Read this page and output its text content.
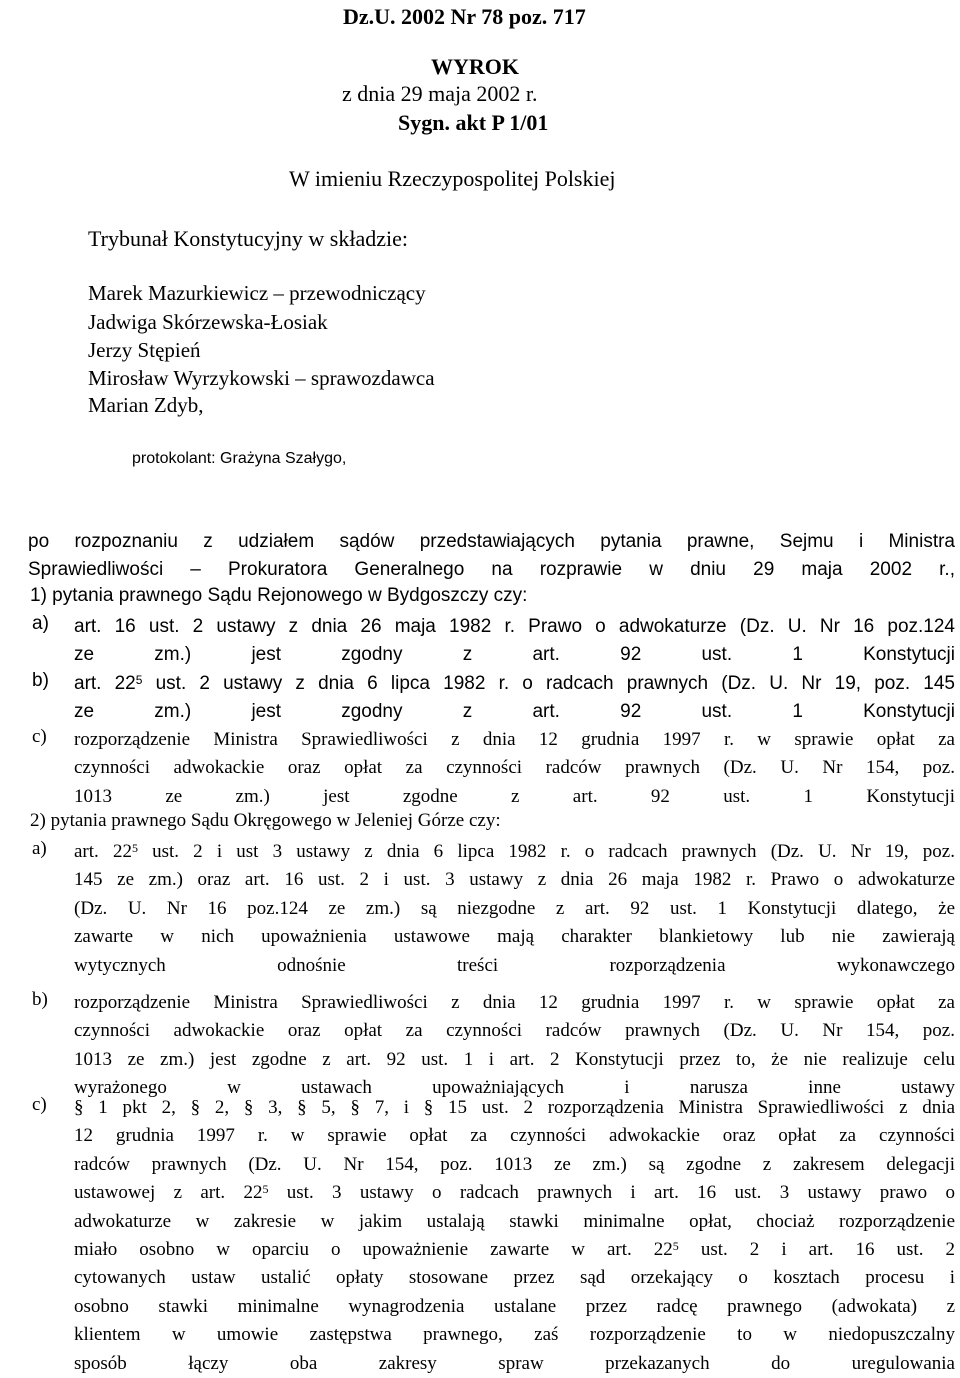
Dz.U. 2002 Nr 78 poz. 717
WYROK
z dnia 29 maja 2002 r.
Sygn. akt P 1/01
W imieniu Rzeczypospolitej Polskiej
Trybunał Konstytucyjny w składzie:
Marek Mazurkiewicz – przewodniczący
Jadwiga Skórzewska-Łosiak
Jerzy Stępień
Mirosław Wyrzykowski – sprawozdawca
Marian Zdyb,
protokolant: Grażyna Szałygo,
po rozpoznaniu z udziałem sądów przedstawiających pytania prawne, Sejmu i Ministra
Sprawiedliwości – Prokuratora Generalnego na rozprawie w dniu 29 maja 2002 r.,
1) pytania prawnego Sądu Rejonowego w Bydgoszczy czy:
a) art. 16 ust. 2 ustawy z dnia 26 maja 1982 r. Prawo o adwokaturze (Dz. U. Nr 16 poz.124
ze zm.) jest zgodny z art. 92 ust. 1 Konstytucji
b) art. $22^5$ ust. 2 ustawy z dnia 6 lipca 1982 r. o radcach prawnych (Dz. U. Nr 19, poz. 145
ze zm.) jest zgodny z art. 92 ust. 1 Konstytucji
c) rozporządzenie Ministra Sprawiedliwości z dnia 12 grudnia 1997 r. w sprawie opłat za
czynności adwokackie oraz opłat za czynności radców prawnych (Dz. U. Nr 154, poz.
1013 ze zm.) jest zgodne z art. 92 ust. 1 Konstytucji
2) pytania prawnego Sądu Okręgowego w Jeleniej Górze czy:
a) art. $22^5$ ust. 2 i ust 3 ustawy z dnia 6 lipca 1982 r. o radcach prawnych (Dz. U. Nr 19, poz.
145 ze zm.) oraz art. 16 ust. 2 i ust. 3 ustawy z dnia 26 maja 1982 r. Prawo o adwokaturze
(Dz. U. Nr 16 poz.124 ze zm.) są niezgodne z art. 92 ust. 1 Konstytucji dlatego, że
zawarte w nich upoważnienia ustawowe mają charakter blankietowy lub nie zawierają
wytycznych odnośnie treści rozporządzenia wykonawczego
b) rozporządzenie Ministra Sprawiedliwości z dnia 12 grudnia 1997 r. w sprawie opłat za
czynności adwokackie oraz opłat za czynności radców prawnych (Dz. U. Nr 154, poz.
1013 ze zm.) jest zgodne z art. 92 ust. 1 i art. 2 Konstytucji przez to, że nie realizuje celu
wyrażonego w ustawach upoważniających i narusza inne ustawy
c) § 1 pkt 2, § 2, § 3, § 5, § 7, i § 15 ust. 2 rozporządzenia Ministra Sprawiedliwości z dnia
12 grudnia 1997 r. w sprawie opłat za czynności adwokackie oraz opłat za czynności
radców prawnych (Dz. U. Nr 154, poz. 1013 ze zm.) są zgodne z zakresem delegacji
ustawowej z art. $22^5$ ust. 3 ustawy o radcach prawnych i art. 16 ust. 3 ustawy prawo o
adwokaturze w zakresie w jakim ustalają stawki minimalne opłat, chociaż rozporządzenie
miało osobno w oparciu o upoważnienie zawarte w art. $22^5$ ust. 2 i art. 16 ust. 2
cytowanych ustaw ustalić opłaty stosowane przez sąd orzekający o kosztach procesu i
osobno stawki minimalne wynagrodzenia ustalane przez radcę prawnego (adwokata) z
klientem w umowie zastępstwa prawnego, zaś rozporządzenie to w niedopuszczalny
sposób łączy oba zakresy spraw przekazanych do uregulowania
